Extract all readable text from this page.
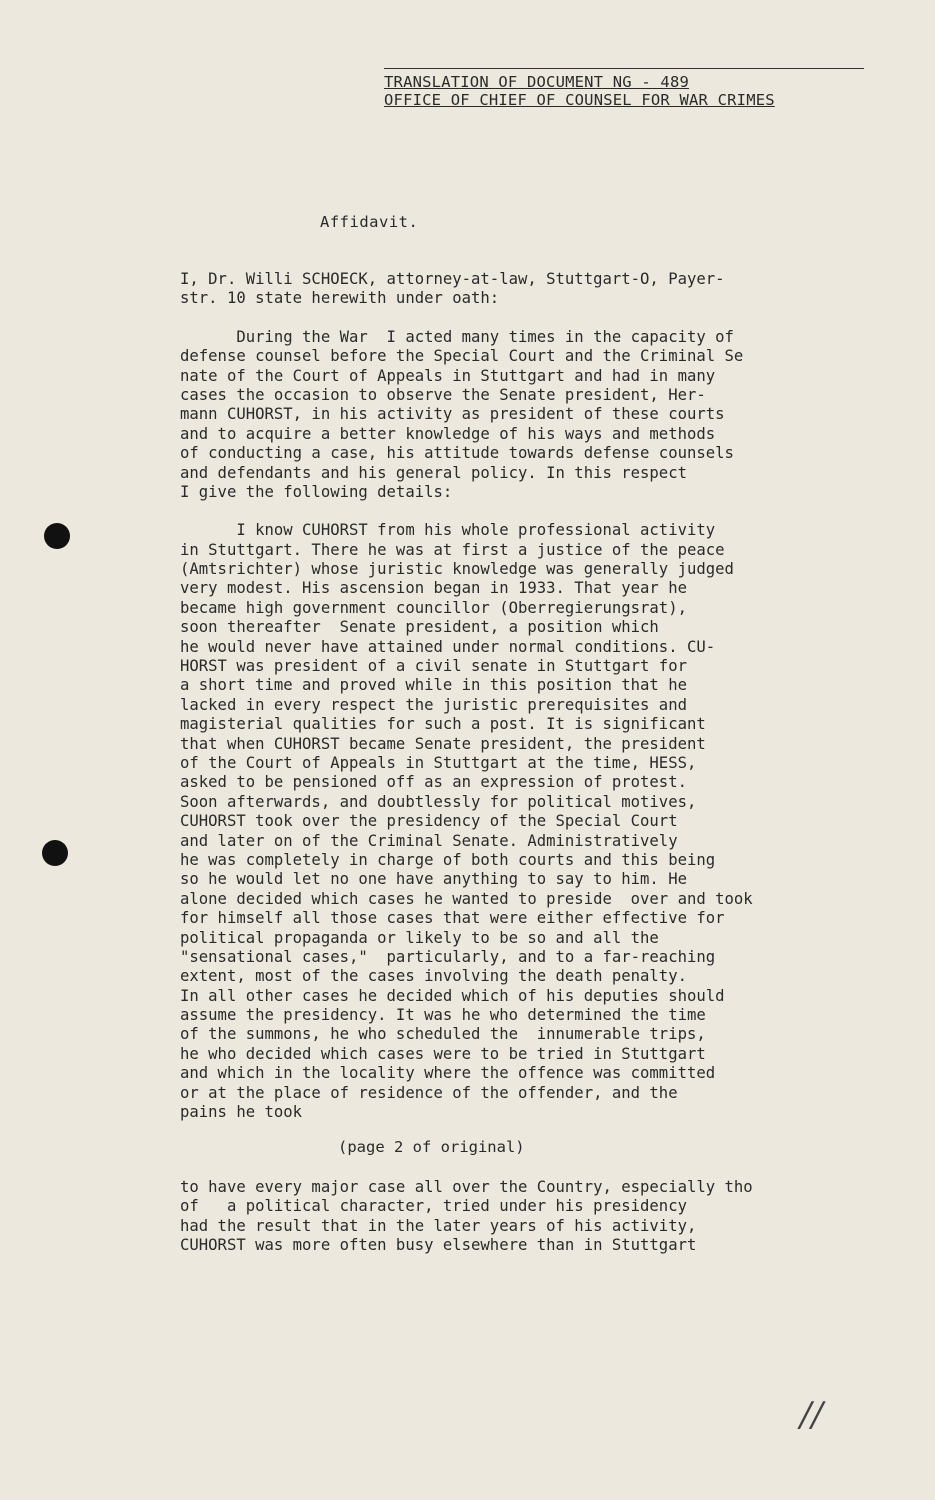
TRANSLATION OF DOCUMENT NG - 489
OFFICE OF CHIEF OF COUNSEL FOR WAR CRIMES
Affidavit.
I, Dr. Willi SCHOECK, attorney-at-law, Stuttgart-O, Payer-
str. 10 state herewith under oath:
During the War  I acted many times in the capacity of
defense counsel before the Special Court and the Criminal Se
nate of the Court of Appeals in Stuttgart and had in many
cases the occasion to observe the Senate president, Her-
mann CUHORST, in his activity as president of these courts
and to acquire a better knowledge of his ways and methods
of conducting a case, his attitude towards defense counsels
and defendants and his general policy. In this respect
I give the following details:
I know CUHORST from his whole professional activity
in Stuttgart. There he was at first a justice of the peace
(Amtsrichter) whose juristic knowledge was generally judged
very modest. His ascension began in 1933. That year he
became high government councillor (Oberregierungsrat),
soon thereafter  Senate president, a position which
he would never have attained under normal conditions. CU-
HORST was president of a civil senate in Stuttgart for
a short time and proved while in this position that he
lacked in every respect the juristic prerequisites and
magisterial qualities for such a post. It is significant
that when CUHORST became Senate president, the president
of the Court of Appeals in Stuttgart at the time, HESS,
asked to be pensioned off as an expression of protest.
Soon afterwards, and doubtlessly for political motives,
CUHORST took over the presidency of the Special Court
and later on of the Criminal Senate. Administratively
he was completely in charge of both courts and this being
so he would let no one have anything to say to him. He
alone decided which cases he wanted to preside  over and took
for himself all those cases that were either effective for
political propaganda or likely to be so and all the
"sensational cases,"  particularly, and to a far-reaching
extent, most of the cases involving the death penalty.
In all other cases he decided which of his deputies should
assume the presidency. It was he who determined the time
of the summons, he who scheduled the  innumerable trips,
he who decided which cases were to be tried in Stuttgart
and which in the locality where the offence was committed
or at the place of residence of the offender, and the
pains he took
(page 2 of original)
to have every major case all over the Country, especially tho
of   a political character, tried under his presidency
had the result that in the later years of his activity,
CUHORST was more often busy elsewhere than in Stuttgart
//
